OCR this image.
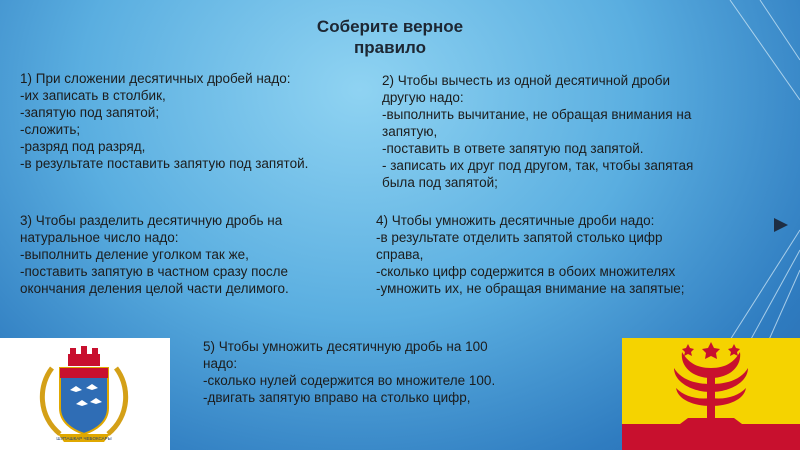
Соберите верное
правило
1) При сложении десятичных дробей надо:
-их записать в столбик,
-запятую под запятой;
-сложить;
-разряд под разряд,
-в результате поставить запятую под запятой.
2) Чтобы вычесть из одной десятичной дроби
другую надо:
-выполнить вычитание, не обращая внимания на
запятую,
-поставить в ответе запятую под запятой.
- записать их друг под другом, так, чтобы запятая
была под запятой;
3) Чтобы разделить десятичную дробь на
натуральное число надо:
-выполнить деление уголком так же,
-поставить запятую в частном сразу после
окончания деления целой части делимого.
4) Чтобы умножить десятичные дроби надо:
-в результате отделить запятой столько цифр
справа,
-сколько цифр содержится в обоих множителях
-умножить их, не обращая внимание на запятые;
5) Чтобы умножить десятичную дробь на 100
надо:
-сколько нулей содержится во множителе 100.
-двигать запятую вправо на столько цифр,
ШУПАШКАР ЧЕБОКСАРЫ
